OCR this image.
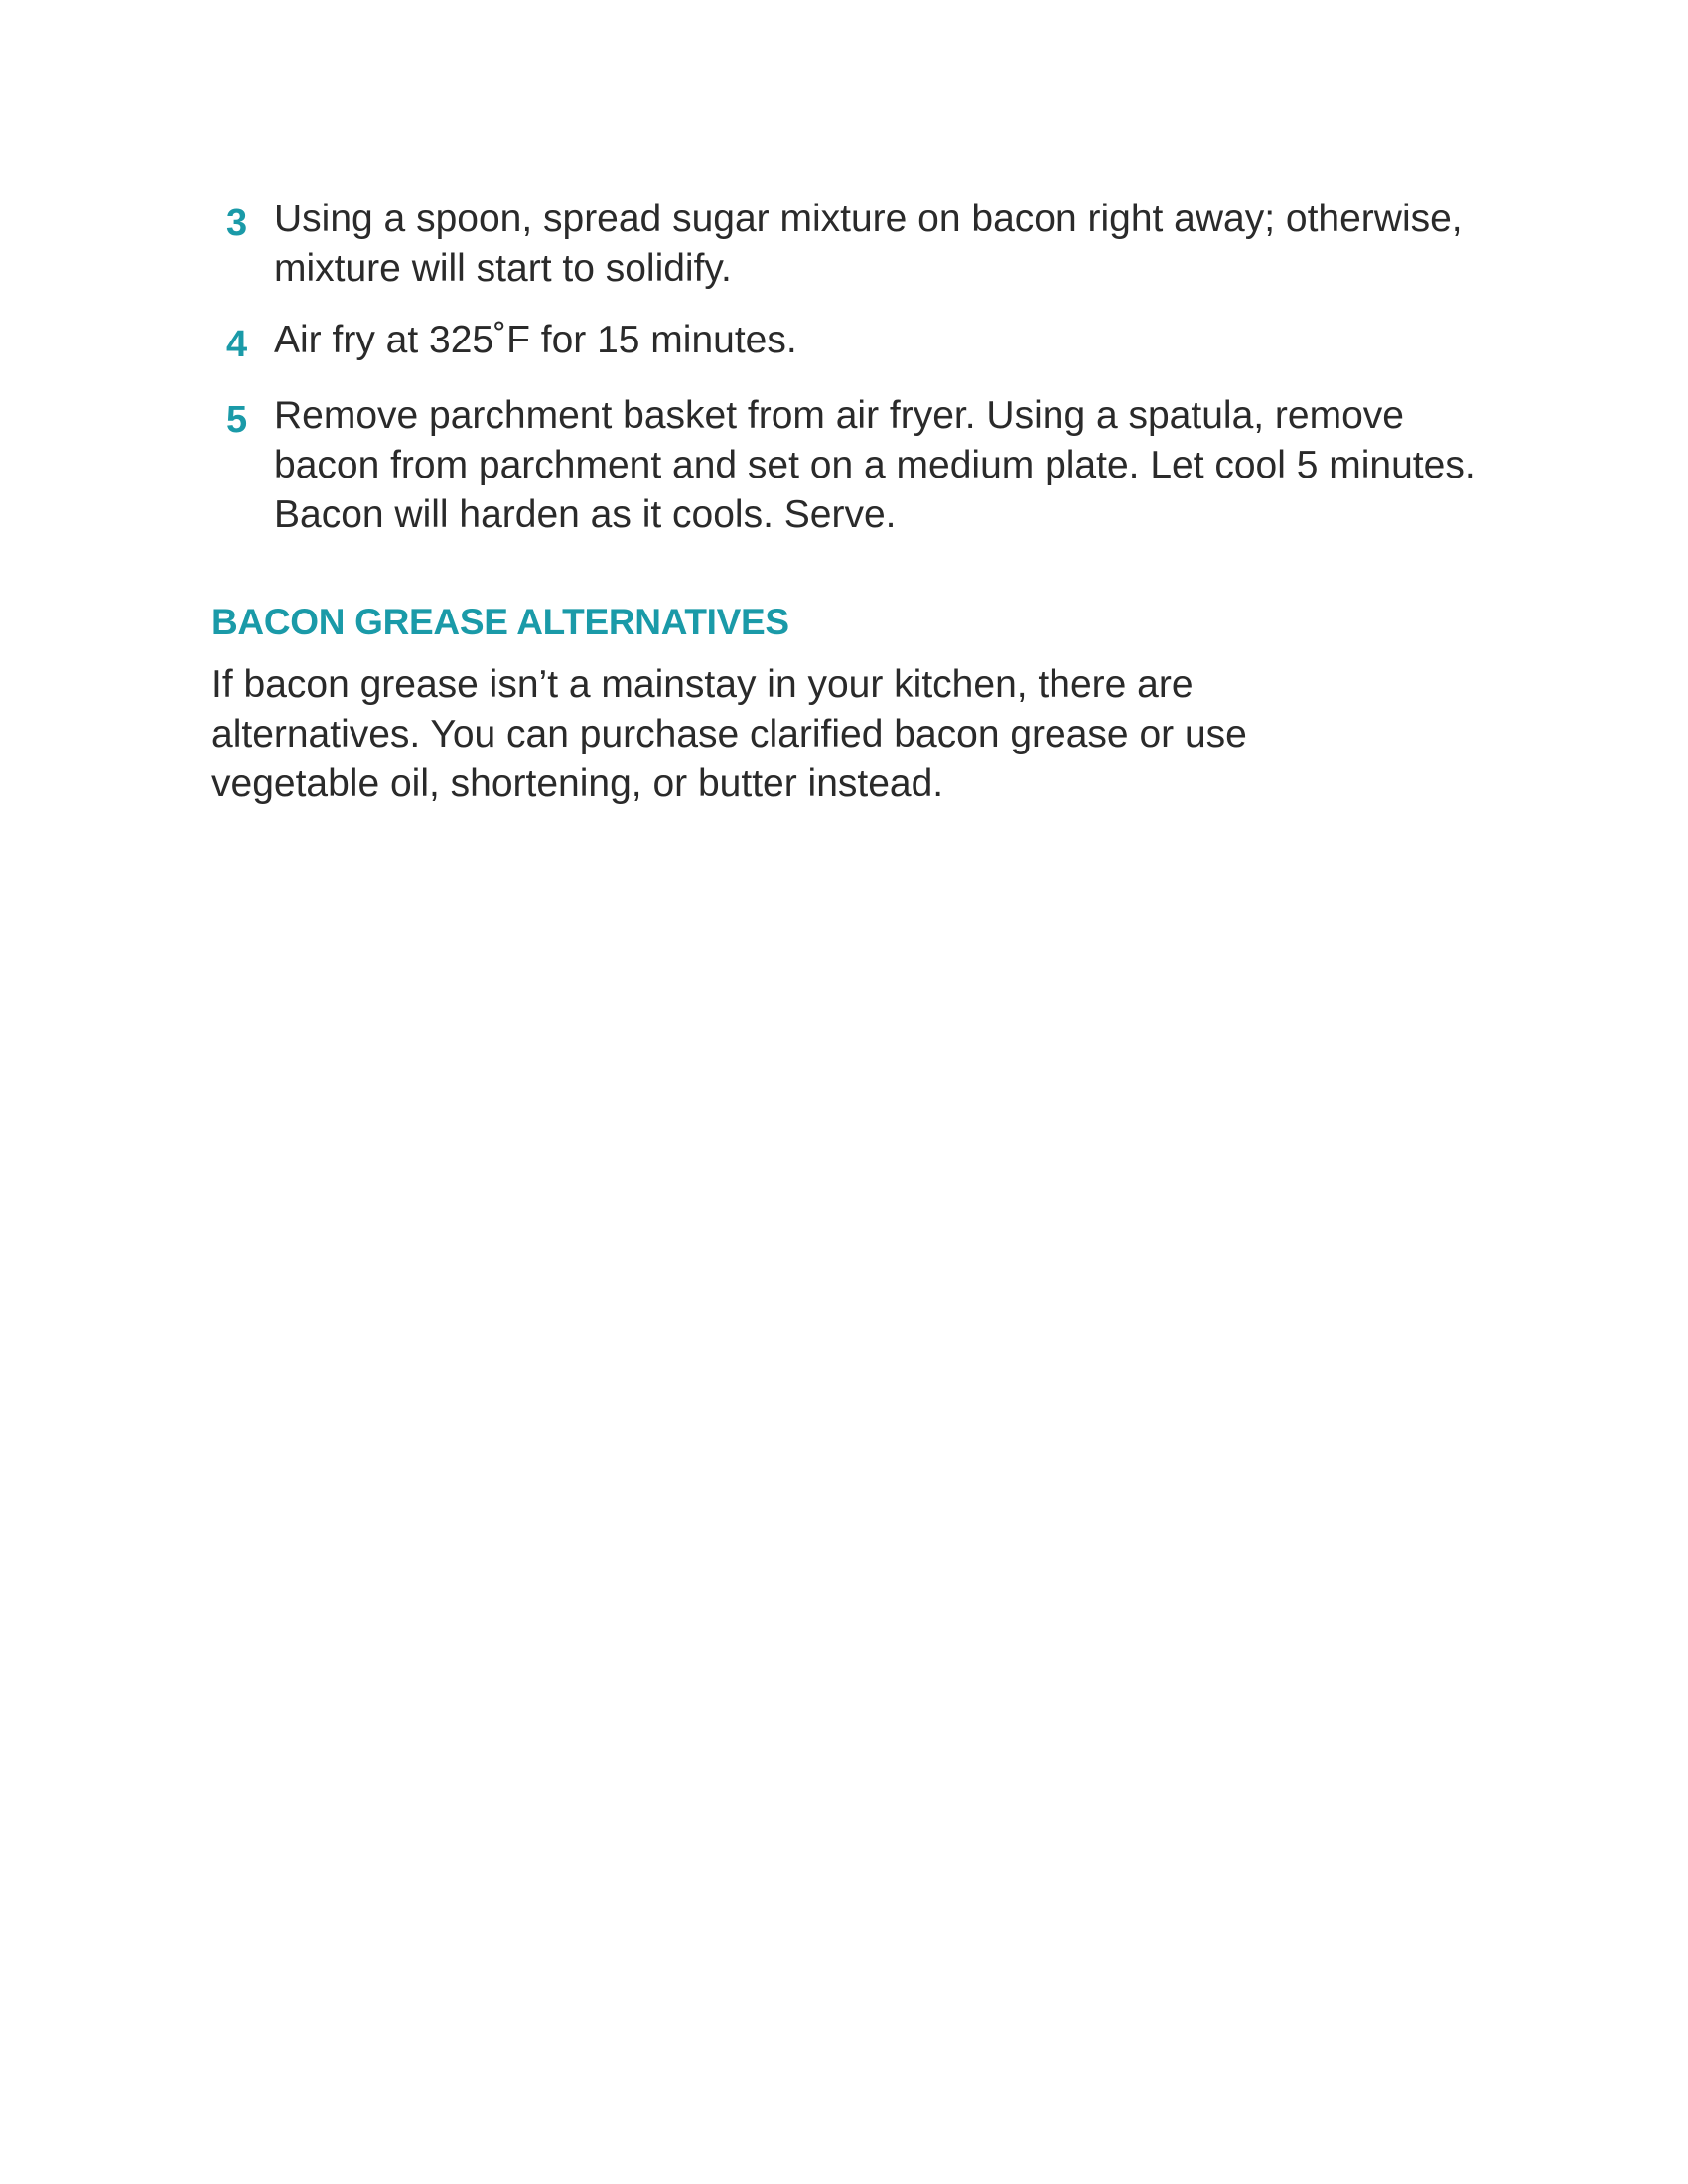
3 Using a spoon, spread sugar mixture on bacon right away; otherwise, mixture will start to solidify.
4 Air fry at 325˚F for 15 minutes.
5 Remove parchment basket from air fryer. Using a spatula, remove bacon from parchment and set on a medium plate. Let cool 5 minutes. Bacon will harden as it cools. Serve.
BACON GREASE ALTERNATIVES

If bacon grease isn’t a mainstay in your kitchen, there are alternatives. You can purchase clarified bacon grease or use vegetable oil, shortening, or butter instead.
